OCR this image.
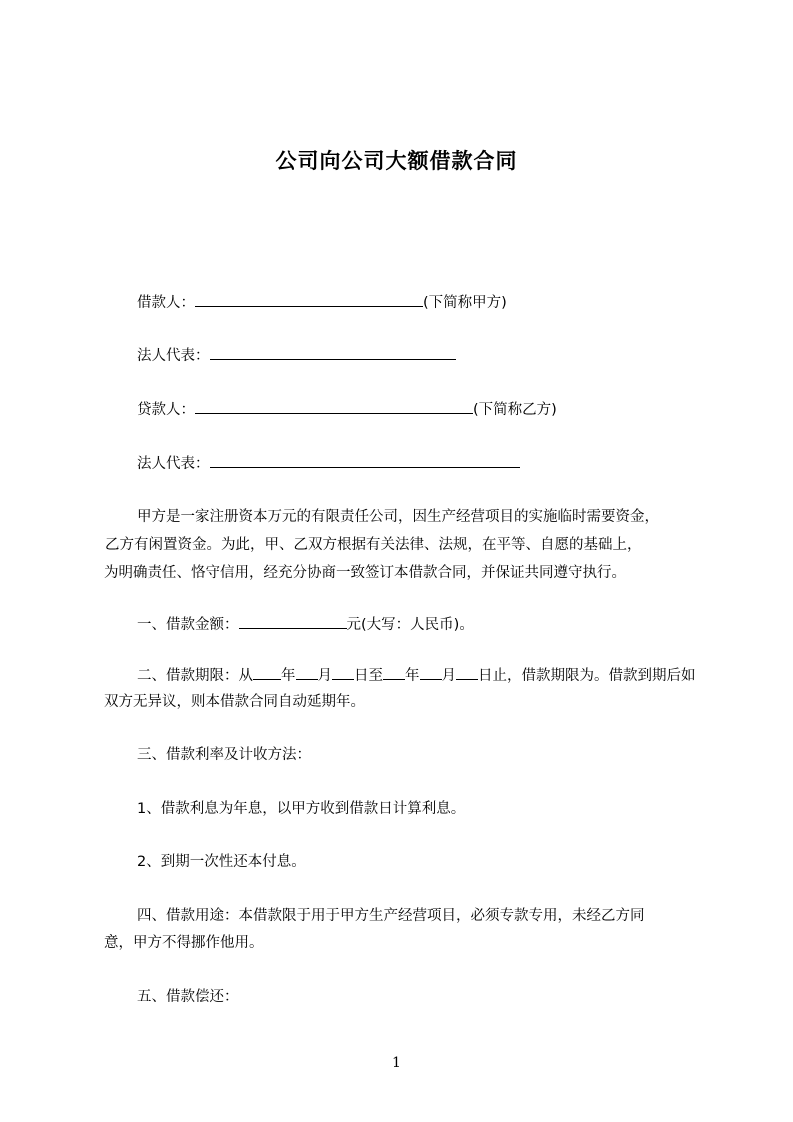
公司向公司大额借款合同
借款人：	(下简称甲方)
法人代表：
贷款人：	(下简称乙方)
法人代表：
甲方是一家注册资本万元的有限责任公司，因生产经营项目的实施临时需要资金，
乙方有闲置资金。为此，甲、乙双方根据有关法律、法规，在平等、自愿的基础上，
为明确责任、恪守信用，经充分协商一致签订本借款合同，并保证共同遵守执行。
一、借款金额：	元(大写：人民币)。
二、借款期限：从 年 月 日至 年 月 日止，借款期限为。借款到期后如
双方无异议，则本借款合同自动延期年。
三、借款利率及计收方法：
1、借款利息为年息，以甲方收到借款日计算利息。
2、到期一次性还本付息。
四、借款用途：本借款限于用于甲方生产经营项目，必须专款专用，未经乙方同
意，甲方不得挪作他用。
五、借款偿还：
1
